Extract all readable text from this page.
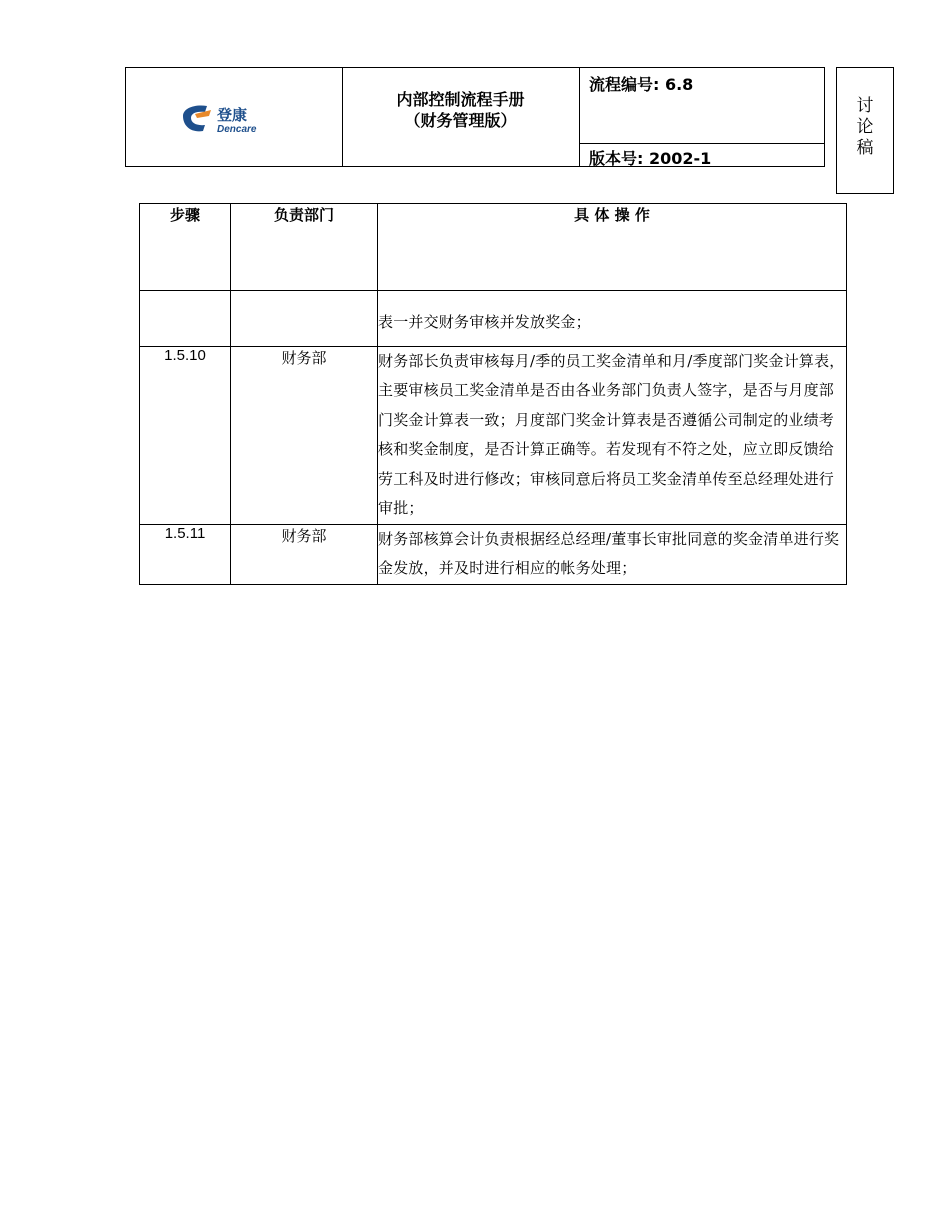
登康
Dencare
内部控制流程手册
（财务管理版）
流程编号: 6.8
版本号: 2002-1
讨
论
稿
步骤	负责部门	具 体 操 作
		表一并交财务审核并发放奖金；
1.5.10	财务部	财务部长负责审核每月/季的员工奖金清单和月/季度部门奖金计算表，主要审核员工奖金清单是否由各业务部门负责人签字，是否与月度部门奖金计算表一致；月度部门奖金计算表是否遵循公司制定的业绩考核和奖金制度，是否计算正确等。若发现有不符之处，应立即反馈给劳工科及时进行修改；审核同意后将员工奖金清单传至总经理处进行审批；
1.5.11	财务部	财务部核算会计负责根据经总经理/董事长审批同意的奖金清单进行奖金发放，并及时进行相应的帐务处理；
